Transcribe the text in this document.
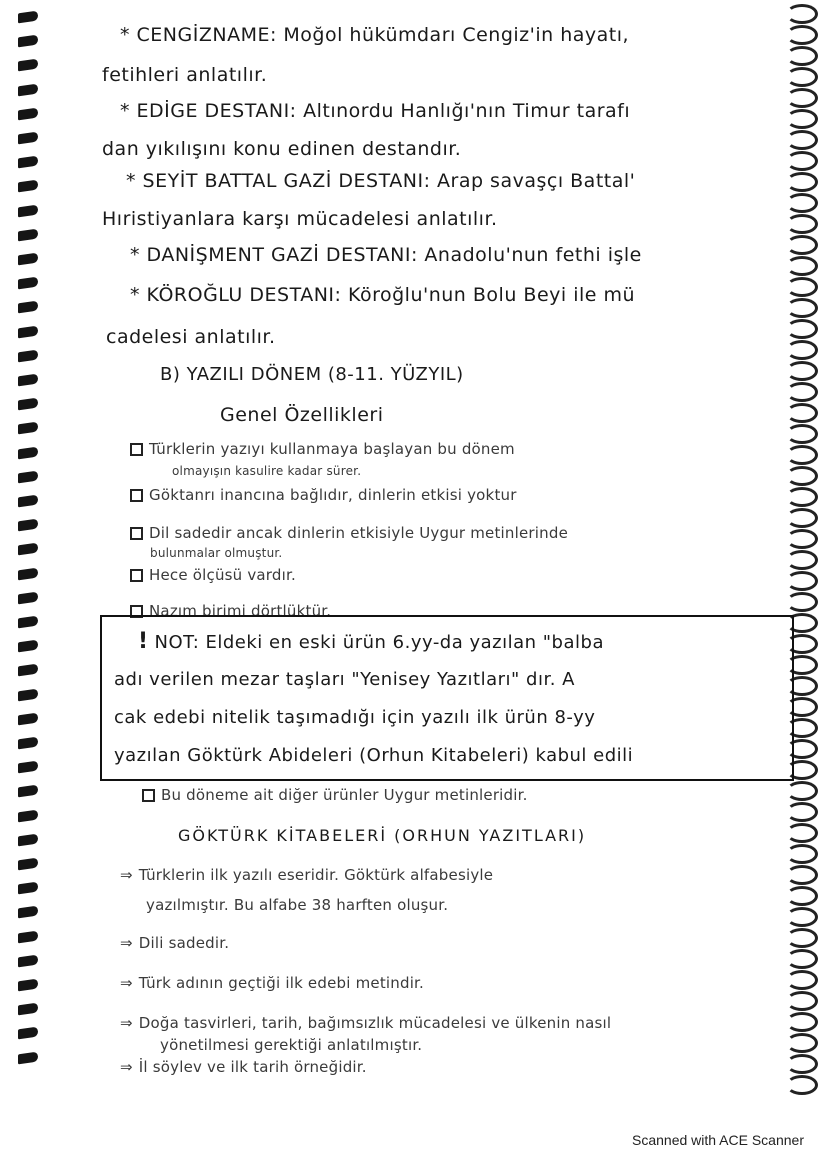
* CENGİZNAME: Moğol hükümdarı Cengiz'in hayatı,
fetihleri anlatılır.
* EDİGE DESTANI: Altınordu Hanlığı'nın Timur tarafı
dan yıkılışını konu edinen destandır.
* SEYİT BATTAL GAZİ DESTANI: Arap savaşçı Battal'
Hıristiyanlara karşı mücadelesi anlatılır.
* DANİŞMENT GAZİ DESTANI: Anadolu'nun fethi işle
* KÖROĞLU DESTANI: Köroğlu'nun Bolu Beyi ile mü
cadelesi anlatılır.
B) YAZILI DÖNEM (8-11. YÜZYIL)
Genel Özellikleri
Türklerin yazıyı kullanmaya başlayan bu dönem
olmayışın kasulire kadar sürer.
Göktanrı inancına bağlıdır, dinlerin etkisi yoktur
Dil sadedir ancak dinlerin etkisiyle Uygur metinlerinde
bulunmalar olmuştur.
Hece ölçüsü vardır.
Nazım birimi dörtlüktür.
! NOT: Eldeki en eski ürün 6.yy-da yazılan "balba
adı verilen mezar taşları "Yenisey Yazıtları" dır. A
cak edebi nitelik taşımadığı için yazılı ilk ürün 8-yy
yazılan Göktürk Abideleri (Orhun Kitabeleri) kabul edili
Bu döneme ait diğer ürünler Uygur metinleridir.
GÖKTÜRK KİTABELERİ (ORHUN YAZITLARI)
⇒ Türklerin ilk yazılı eseridir. Göktürk alfabesiyle
yazılmıştır. Bu alfabe 38 harften oluşur.
⇒ Dili sadedir.
⇒ Türk adının geçtiği ilk edebi metindir.
⇒ Doğa tasvirleri, tarih, bağımsızlık mücadelesi ve ülkenin nasıl
yönetilmesi gerektiği anlatılmıştır.
⇒ İl söylev ve ilk tarih örneğidir.
Scanned with ACE Scanner
